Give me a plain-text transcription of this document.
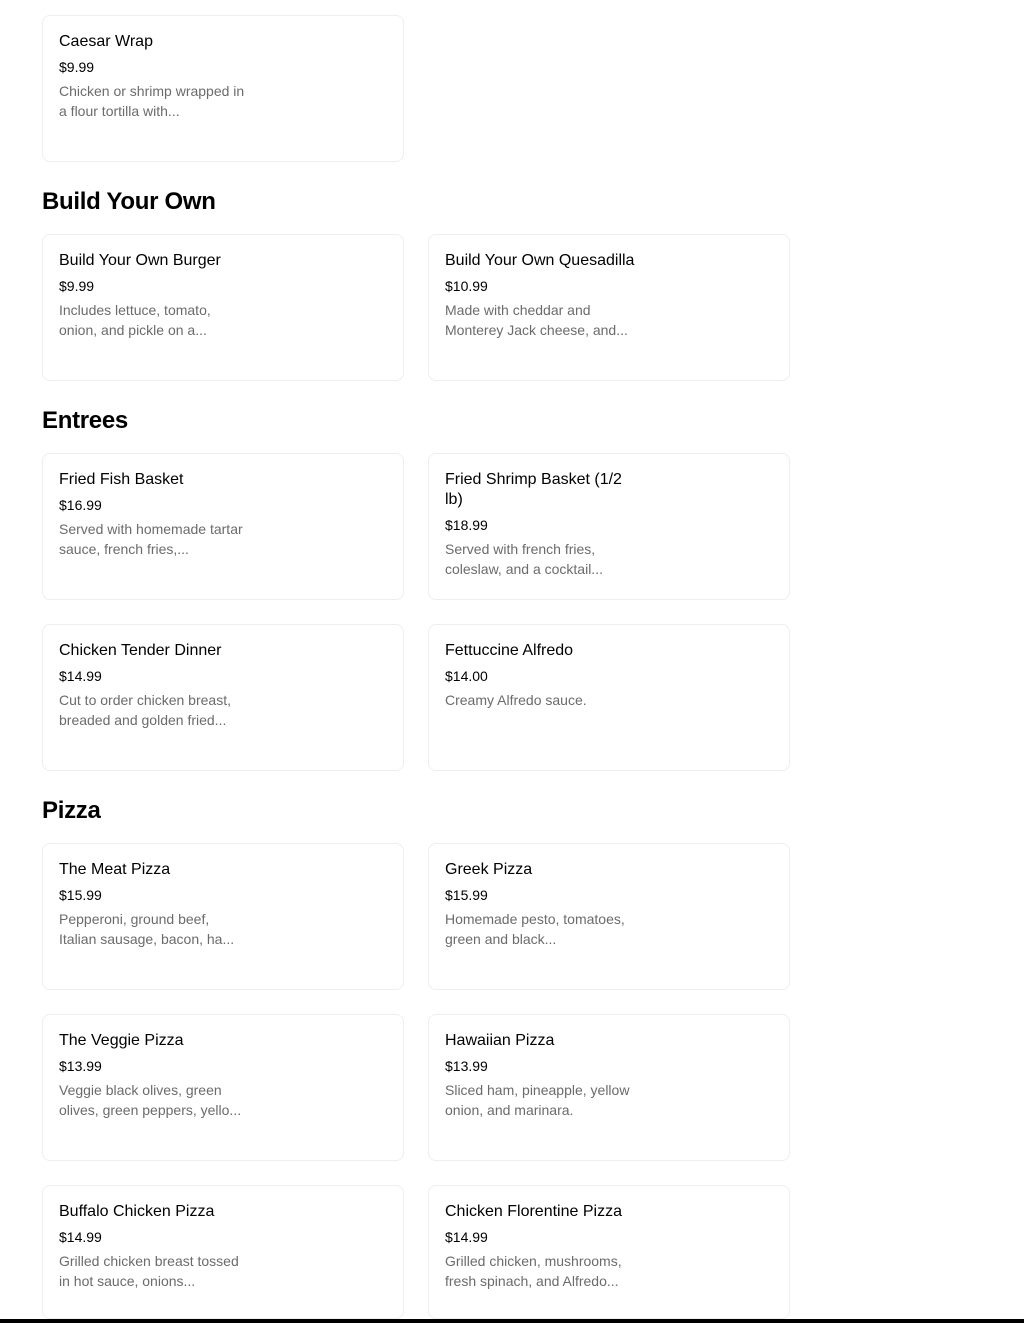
Caesar Wrap
$9.99
Chicken or shrimp wrapped in a flour tortilla with...
Build Your Own
Build Your Own Burger
$9.99
Includes lettuce, tomato, onion, and pickle on a...
Build Your Own Quesadilla
$10.99
Made with cheddar and Monterey Jack cheese, and...
Entrees
Fried Fish Basket
$16.99
Served with homemade tartar sauce, french fries,...
Fried Shrimp Basket (1/2 lb)
$18.99
Served with french fries, coleslaw, and a cocktail...
Chicken Tender Dinner
$14.99
Cut to order chicken breast, breaded and golden fried...
Fettuccine Alfredo
$14.00
Creamy Alfredo sauce.
Pizza
The Meat Pizza
$15.99
Pepperoni, ground beef, Italian sausage, bacon, ha...
Greek Pizza
$15.99
Homemade pesto, tomatoes, green and black...
The Veggie Pizza
$13.99
Veggie black olives, green olives, green peppers, yello...
Hawaiian Pizza
$13.99
Sliced ham, pineapple, yellow onion, and marinara.
Buffalo Chicken Pizza
$14.99
Grilled chicken breast tossed in hot sauce, onions...
Chicken Florentine Pizza
$14.99
Grilled chicken, mushrooms, fresh spinach, and Alfredo...
